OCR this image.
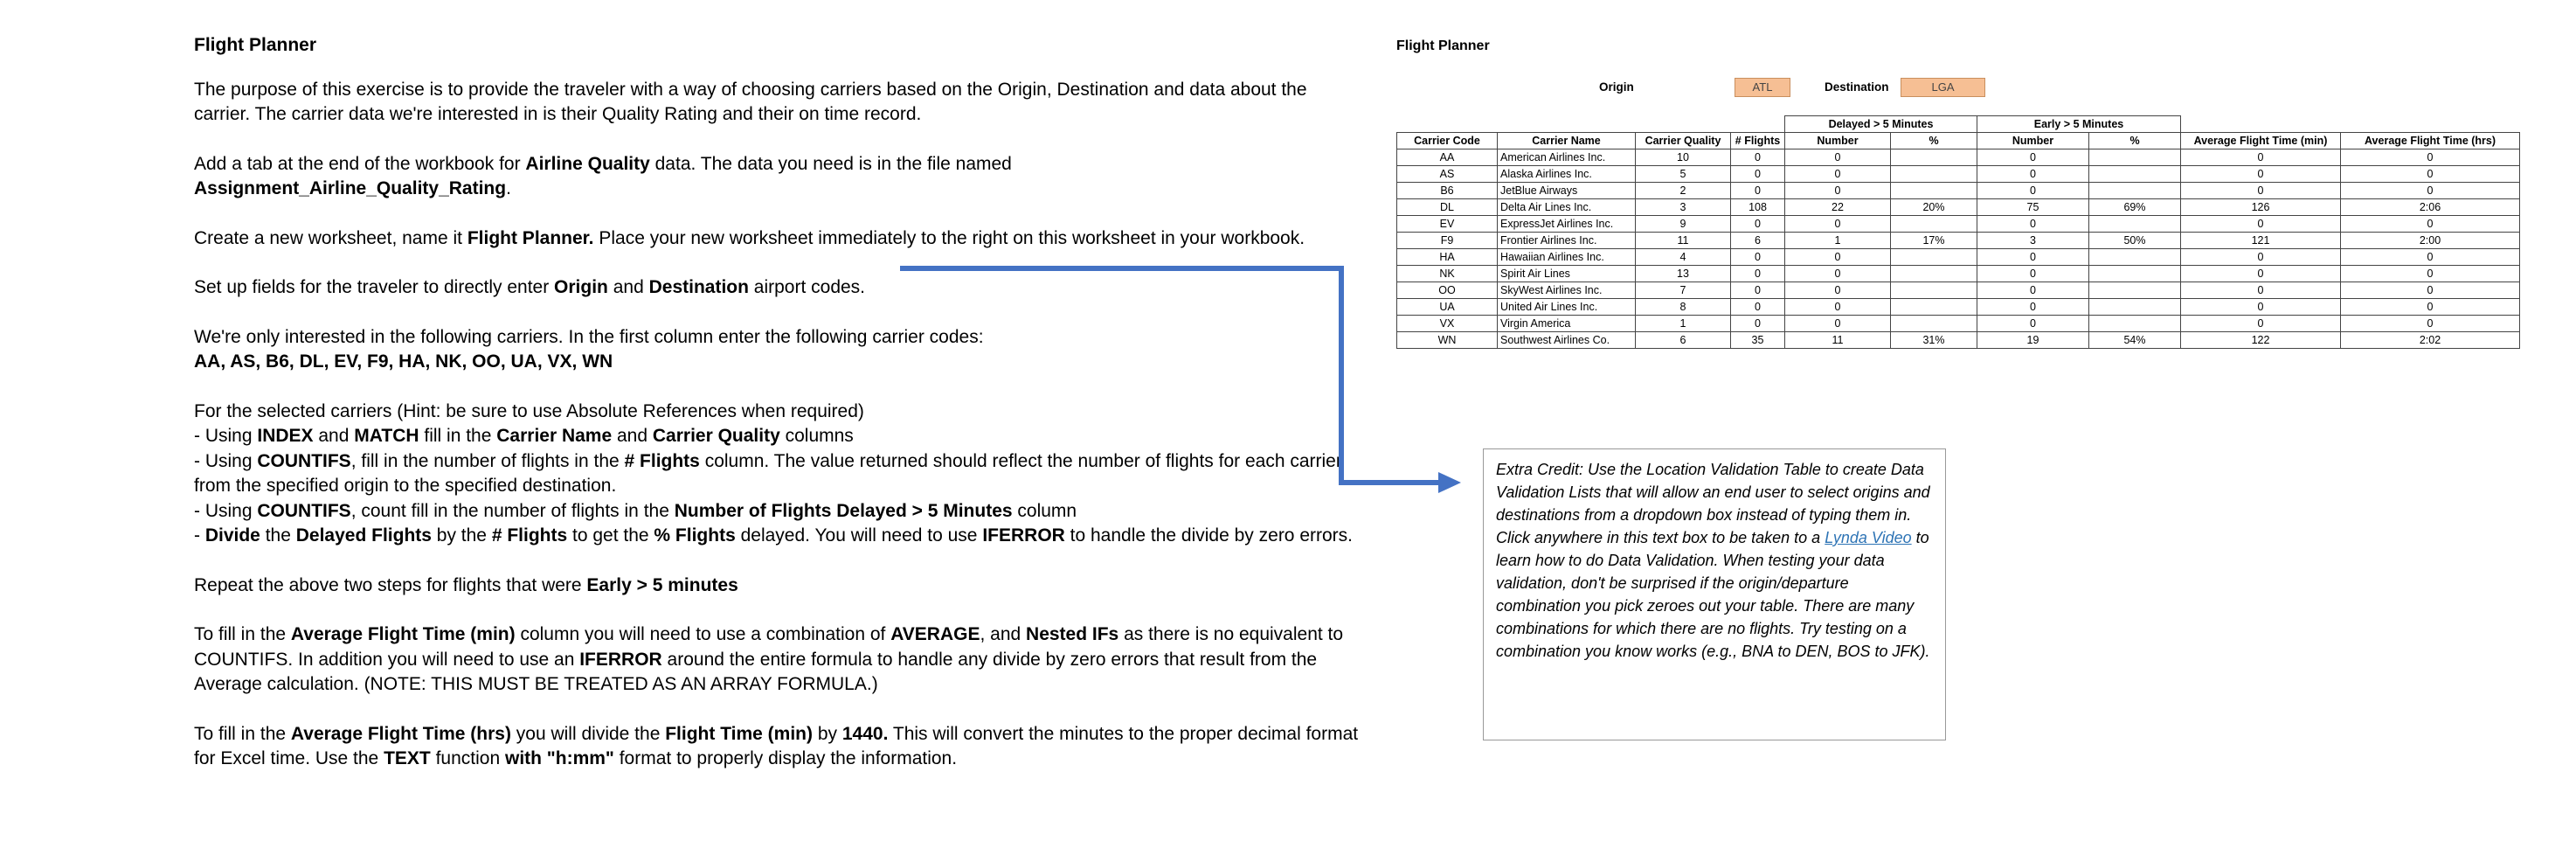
Flight Planner

The purpose of this exercise is to provide the traveler with a way of choosing carriers based on the Origin, Destination and data about the carrier. The carrier data we're interested in is their Quality Rating and their on time record.

Add a tab at the end of the workbook for Airline Quality data. The data you need is in the file named
Assignment_Airline_Quality_Rating.

Create a new worksheet, name it Flight Planner. Place your new worksheet immediately to the right on this worksheet in your workbook.

Set up fields for the traveler to directly enter Origin and Destination airport codes.

We're only interested in the following carriers. In the first column enter the following carrier codes:
AA, AS, B6, DL, EV, F9, HA, NK, OO, UA, VX, WN

For the selected carriers (Hint: be sure to use Absolute References when required)
- Using INDEX and MATCH fill in the Carrier Name and Carrier Quality columns
- Using COUNTIFS, fill in the number of flights in the # Flights column. The value returned should reflect the number of flights for each carrier from the specified origin to the specified destination.
- Using COUNTIFS, count fill in the number of flights in the Number of Flights Delayed > 5 Minutes column
- Divide the Delayed Flights by the # Flights to get the % Flights delayed. You will need to use IFERROR to handle the divide by zero errors.

Repeat the above two steps for flights that were Early > 5 minutes

To fill in the Average Flight Time (min) column you will need to use a combination of AVERAGE, and Nested IFs as there is no equivalent to COUNTIFS. In addition you will need to use an IFERROR around the entire formula to handle any divide by zero errors that result from the Average calculation. (NOTE: THIS MUST BE TREATED AS AN ARRAY FORMULA.)

To fill in the Average Flight Time (hrs) you will divide the Flight Time (min) by 1440. This will convert the minutes to the proper decimal format for Excel time. Use the TEXT function with "h:mm" format to properly display the information.

Flight Planner
Origin	ATL	Destination	LGA
				Delayed > 5 Minutes		Early > 5 Minutes			
Carrier Code	Carrier Name	Carrier Quality	# Flights	Number	%	Number	%	Average Flight Time (min)	Average Flight Time (hrs)
AA	American Airlines Inc.	10	0	0		0		0	0
AS	Alaska Airlines Inc.	5	0	0		0		0	0
B6	JetBlue Airways	2	0	0		0		0	0
DL	Delta Air Lines Inc.	3	108	22	20%	75	69%	126	2:06
EV	ExpressJet Airlines Inc.	9	0	0		0		0	0
F9	Frontier Airlines Inc.	11	6	1	17%	3	50%	121	2:00
HA	Hawaiian Airlines Inc.	4	0	0		0		0	0
NK	Spirit Air Lines	13	0	0		0		0	0
OO	SkyWest Airlines Inc.	7	0	0		0		0	0
UA	United Air Lines Inc.	8	0	0		0		0	0
VX	Virgin America	1	0	0		0		0	0
WN	Southwest Airlines Co.	6	35	11	31%	19	54%	122	2:02
Extra Credit: Use the Location Validation Table to create Data Validation Lists that will allow an end user to select origins and destinations from a dropdown box instead of typing them in. Click anywhere in this text box to be taken to a Lynda Video to learn how to do Data Validation. When testing your data validation, don't be surprised if the origin/departure combination you pick zeroes out your table. There are many combinations for which there are no flights. Try testing on a combination you know works (e.g., BNA to DEN, BOS to JFK).
